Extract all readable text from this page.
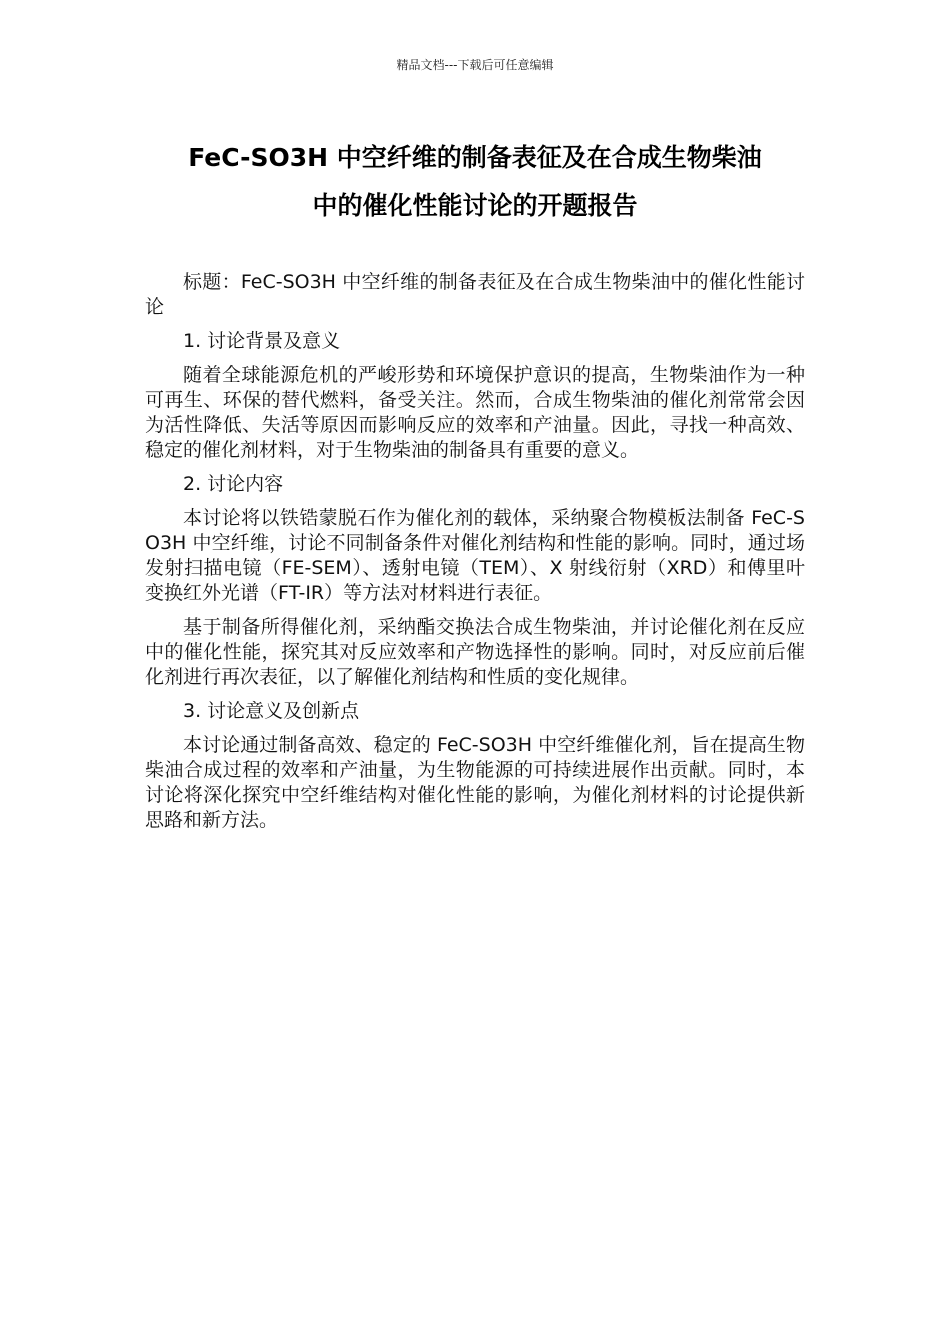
精品文档---下载后可任意编辑
FeC-SO3H 中空纤维的制备表征及在合成生物柴油
中的催化性能讨论的开题报告

标题：FeC-SO3H 中空纤维的制备表征及在合成生物柴油中的催化性能讨论

1. 讨论背景及意义

随着全球能源危机的严峻形势和环境保护意识的提高，生物柴油作为一种可再生、环保的替代燃料，备受关注。然而，合成生物柴油的催化剂常常会因为活性降低、失活等原因而影响反应的效率和产油量。因此，寻找一种高效、稳定的催化剂材料，对于生物柴油的制备具有重要的意义。

2. 讨论内容

本讨论将以铁锆蒙脱石作为催化剂的载体，采纳聚合物模板法制备 FeC-SO3H 中空纤维，讨论不同制备条件对催化剂结构和性能的影响。同时，通过场发射扫描电镜（FE-SEM）、透射电镜（TEM）、X 射线衍射（XRD）和傅里叶变换红外光谱（FT-IR）等方法对材料进行表征。

基于制备所得催化剂，采纳酯交换法合成生物柴油，并讨论催化剂在反应中的催化性能，探究其对反应效率和产物选择性的影响。同时，对反应前后催化剂进行再次表征，以了解催化剂结构和性质的变化规律。

3. 讨论意义及创新点

本讨论通过制备高效、稳定的 FeC-SO3H 中空纤维催化剂，旨在提高生物柴油合成过程的效率和产油量，为生物能源的可持续进展作出贡献。同时，本讨论将深化探究中空纤维结构对催化性能的影响，为催化剂材料的讨论提供新思路和新方法。
